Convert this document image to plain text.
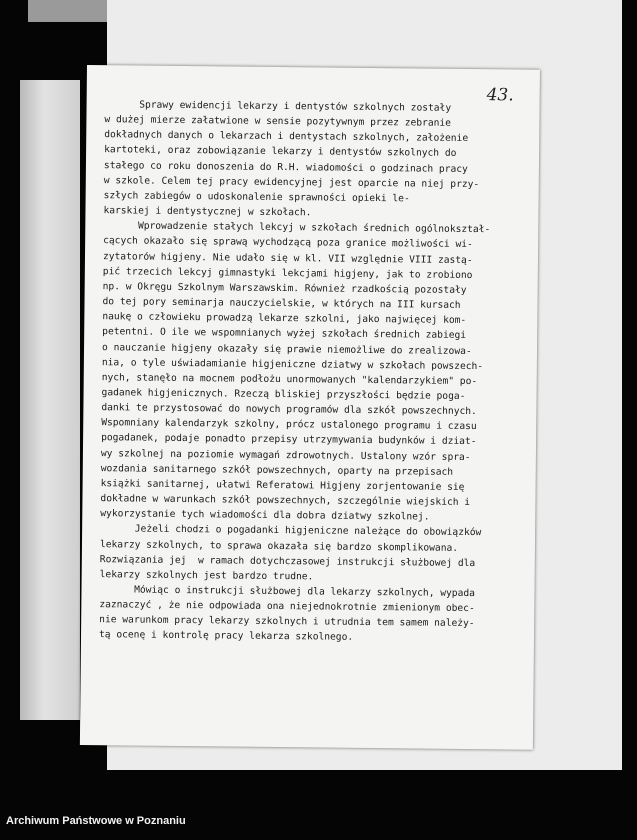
43.
Sprawy ewidencji lekarzy i dentystów szkolnych zostały
w dużej mierze załatwione w sensie pozytywnym przez zebranie
dokładnych danych o lekarzach i dentystach szkolnych, założenie
kartoteki, oraz zobowiązanie lekarzy i dentystów szkolnych do
stałego co roku donoszenia do R.H. wiadomości o godzinach pracy
w szkole. Celem tej pracy ewidencyjnej jest oparcie na niej przy-
szłych zabiegów o udoskonalenie sprawności opieki le-
karskiej i dentystycznej w szkołach.
Wprowadzenie stałych lekcyj w szkołach średnich ogólnokształ-
cących okazało się sprawą wychodzącą poza granice możliwości wi-
zytatorów higjeny. Nie udało się w kl. VII względnie VIII zastą-
pić trzecich lekcyj gimnastyki lekcjami higjeny, jak to zrobiono
np. w Okręgu Szkolnym Warszawskim. Również rzadkością pozostały
do tej pory seminarja nauczycielskie, w których na III kursach
naukę o człowieku prowadzą lekarze szkolni, jako najwięcej kom-
petentni. O ile we wspomnianych wyżej szkołach średnich zabiegi
o nauczanie higjeny okazały się prawie niemożliwe do zrealizowa-
nia, o tyle uświadamianie higjeniczne dziatwy w szkołach powszech-
nych, stanęło na mocnem podłożu unormowanych "kalendarzykiem" po-
gadanek higjenicznych. Rzeczą bliskiej przyszłości będzie poga-
danki te przystosować do nowych programów dla szkół powszechnych.
Wspomniany kalendarzyk szkolny, prócz ustalonego programu i czasu
pogadanek, podaje ponadto przepisy utrzymywania budynków i dziat-
wy szkolnej na poziomie wymagań zdrowotnych. Ustalony wzór spra-
wozdania sanitarnego szkół powszechnych, oparty na przepisach
książki sanitarnej, ułatwi Referatowi Higjeny zorjentowanie się
dokładne w warunkach szkół powszechnych, szczególnie wiejskich i
wykorzystanie tych wiadomości dla dobra dziatwy szkolnej.
Jeżeli chodzi o pogadanki higjeniczne należące do obowiązków
lekarzy szkolnych, to sprawa okazała się bardzo skomplikowana.
Rozwiązania jej  w ramach dotychczasowej instrukcji służbowej dla
lekarzy szkolnych jest bardzo trudne.
Mówiąc o instrukcji służbowej dla lekarzy szkolnych, wypada
zaznaczyć , że nie odpowiada ona niejednokrotnie zmienionym obec-
nie warunkom pracy lekarzy szkolnych i utrudnia tem samem należy-
tą ocenę i kontrolę pracy lekarza szkolnego.
Archiwum Państwowe w Poznaniu
